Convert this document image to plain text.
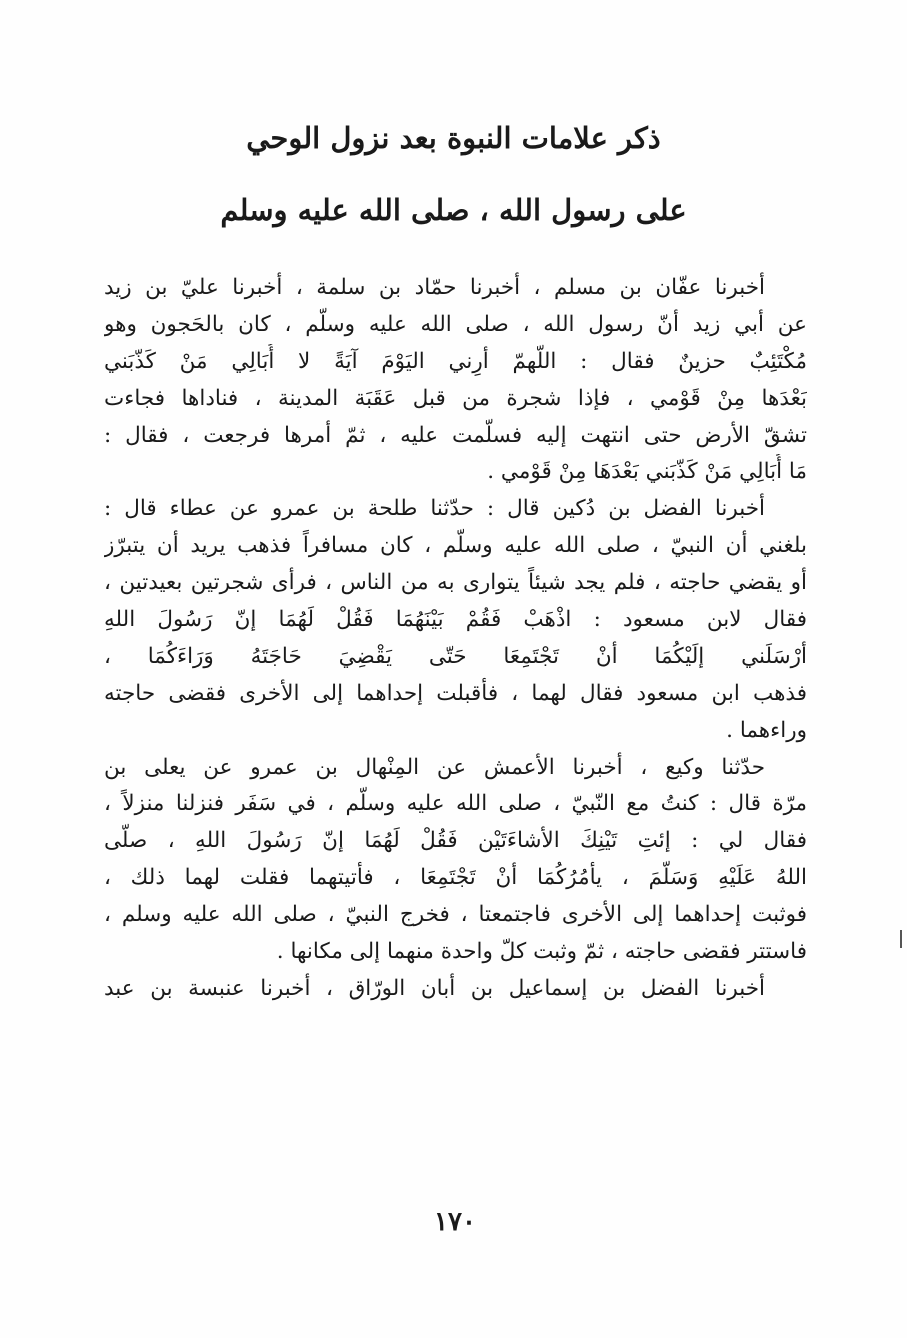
ذكر علامات النبوة بعد نزول الوحي
على رسول الله ، صلى الله عليه وسلم
أخبرنا عفّان بن مسلم ، أخبرنا حمّاد بن سلمة ، أخبرنا عليّ بن زيد
عن أبي زيد أنّ رسول الله ، صلى الله عليه وسلّم ، كان بالحَجون وهو
مُكْتَئِبٌ حزينٌ فقال : اللّهمّ أرِني اليَوْمَ آيَةً لا أُبَالِي مَنْ كَذّبَني
بَعْدَها مِنْ قَوْمي ، فإذا شجرة من قبل عَقَبَة المدينة ، فناداها فجاءت
تشقّ الأرض حتى انتهت إليه فسلّمت عليه ، ثمّ أمرها فرجعت ، فقال :
مَا أُبَالِي مَنْ كَذّبَني بَعْدَهَا مِنْ قَوْمي .
أخبرنا الفضل بن دُكين قال : حدّثنا طلحة بن عمرو عن عطاء قال :
بلغني أن النبيّ ، صلى الله عليه وسلّم ، كان مسافراً فذهب يريد أن يتبرّز
أو يقضي حاجته ، فلم يجد شيئاً يتوارى به من الناس ، فرأى شجرتين بعيدتين ،
فقال لابن مسعود : اذْهَبْ فَقُمْ بَيْنَهُمَا فَقُلْ لَهُمَا إنّ رَسُولَ اللهِ
أرْسَلَني إلَيْكُمَا أنْ تَجْتَمِعَا حَتّى يَقْضِيَ حَاجَتَهُ وَرَاءَكُمَا ،
فذهب ابن مسعود فقال لهما ، فأقبلت إحداهما إلى الأخرى فقضى حاجته
وراءهما .
حدّثنا وكيع ، أخبرنا الأعمش عن المِنْهال بن عمرو عن يعلى بن
مرّة قال : كنتُ مع النّبيّ ، صلى الله عليه وسلّم ، في سَفَر فنزلنا منزلاً ،
فقال لي : إئتِ تَيْنِكَ الأشاءَتَيْن فَقُلْ لَهُمَا إنّ رَسُولَ اللهِ ، صلّى
اللهُ عَلَيْهِ وَسَلّمَ ، يأمُرُكُمَا أنْ تَجْتَمِعَا ، فأتيتهما فقلت لهما ذلك ،
فوثبت إحداهما إلى الأخرى فاجتمعتا ، فخرج النبيّ ، صلى الله عليه وسلم ،
فاستتر فقضى حاجته ، ثمّ وثبت كلّ واحدة منهما إلى مكانها .
أخبرنا الفضل بن إسماعيل بن أبان الورّاق ، أخبرنا عنبسة بن عبد
١٧٠
